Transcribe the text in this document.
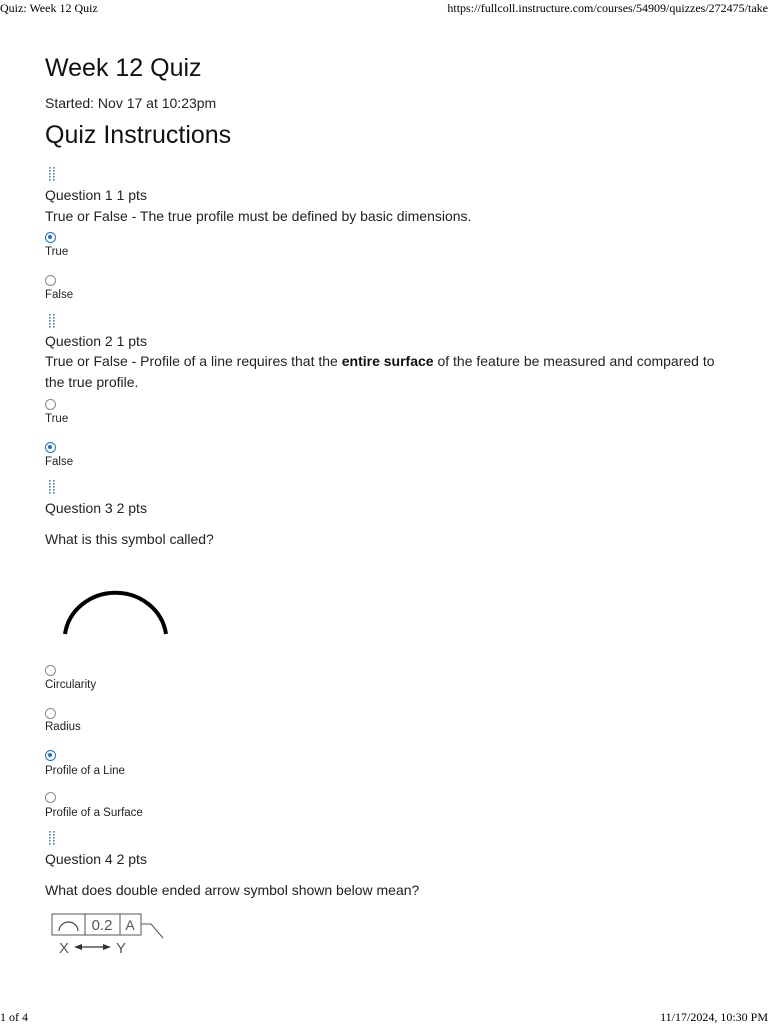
Quiz: Week 12 Quiz	https://fullcoll.instructure.com/courses/54909/quizzes/272475/take
Week 12 Quiz
Started: Nov 17 at 10:23pm
Quiz Instructions
Question 1 1 pts
True or False - The true profile must be defined by basic dimensions.
True
False
Question 2 1 pts
True or False - Profile of a line requires that the entire surface of the feature be measured and compared to the true profile.
True
False
Question 3 2 pts
What is this symbol called?
Circularity
Radius
Profile of a Line
Profile of a Surface
Question 4 2 pts
What does double ended arrow symbol shown below mean?
0.2 A
X	Y
1 of 4	11/17/2024, 10:30 PM
